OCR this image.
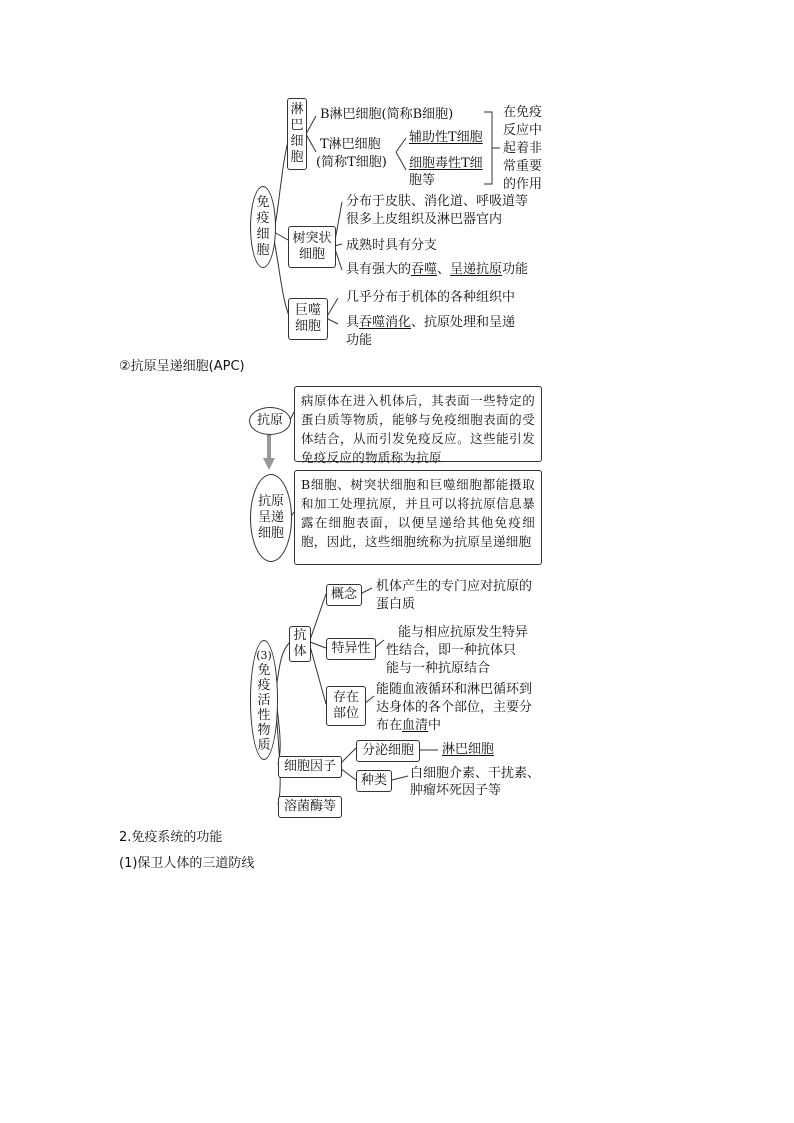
免
疫
细
胞
淋
巴
细
胞
B淋巴细胞(简称B细胞)
T淋巴细胞
(简称T细胞)
辅助性T细胞
细胞毒性T细
胞等
在免疫
反应中
起着非
常重要
的作用
树突状
细胞
分布于皮肤、消化道、呼吸道等
很多上皮组织及淋巴器官内
成熟时具有分支
具有强大的吞噬、呈递抗原功能
巨噬
细胞
几乎分布于机体的各种组织中
具吞噬消化、抗原处理和呈递
功能
②抗原呈递细胞(APC)
抗原
病原体在进入机体后，其表面一些特定的蛋白质等物质，能够与免疫细胞表面的受体结合，从而引发免疫反应。这些能引发免疫反应的物质称为抗原
抗原
呈递
细胞
B细胞、树突状细胞和巨噬细胞都能摄取和加工处理抗原，并且可以将抗原信息暴露在细胞表面，以便呈递给其他免疫细胞，因此，这些细胞统称为抗原呈递细胞
(3)
免
疫
活
性
物
质
抗
体
概念
机体产生的专门应对抗原的
蛋白质
特异性
能与相应抗原发生特异
性结合，即一种抗体只
能与一种抗原结合
存在
部位
能随血液循环和淋巴循环到
达身体的各个部位，主要分
布在血清中
细胞因子
分泌细胞	淋巴细胞
种类	白细胞介素、干扰素、
肿瘤坏死因子等
溶菌酶等
2.免疫系统的功能
(1)保卫人体的三道防线
